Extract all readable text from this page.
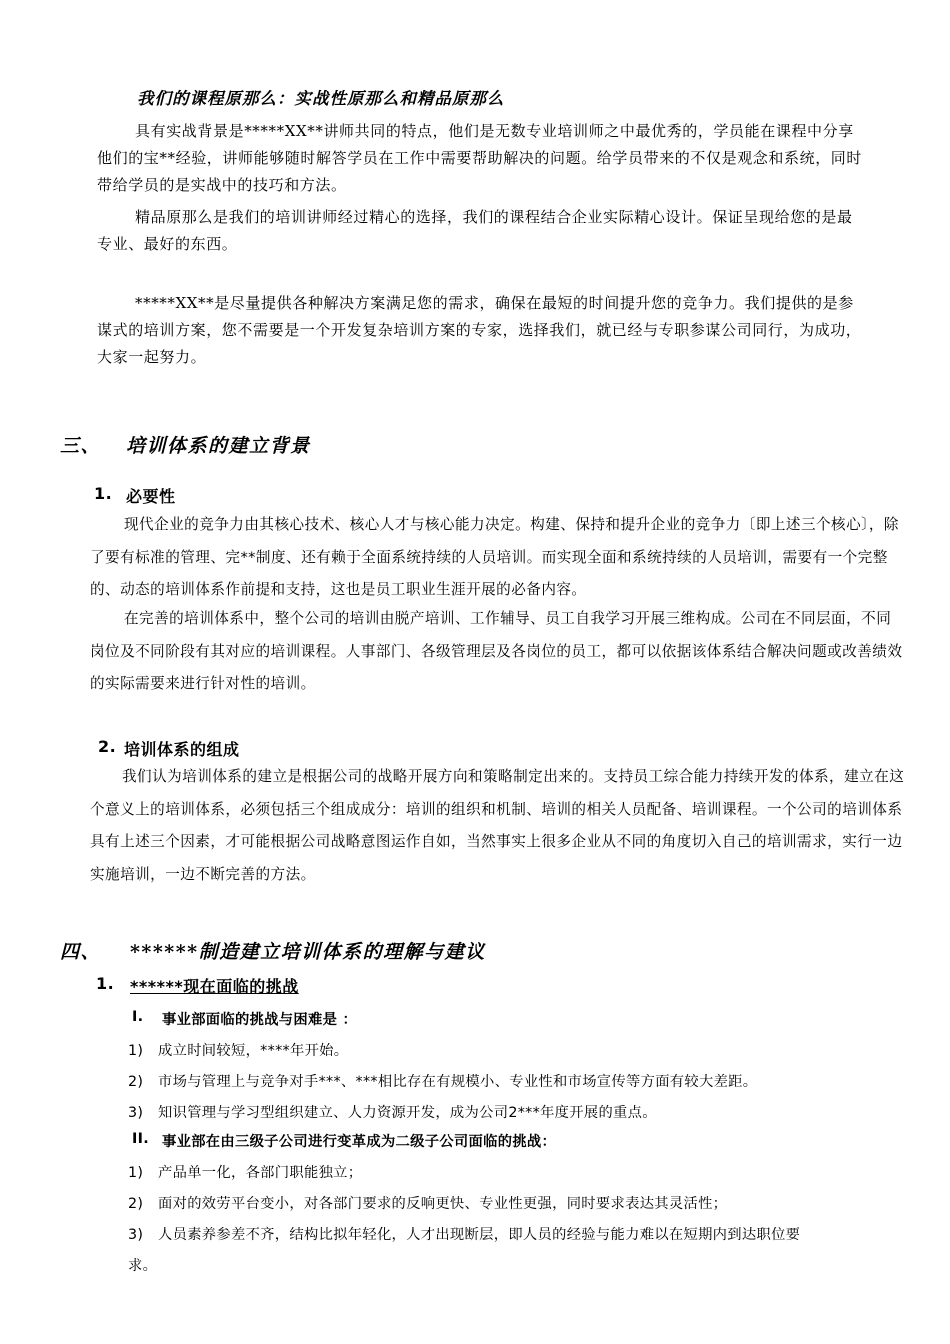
我们的课程原那么：实战性原那么和精品原那么
具有实战背景是*****XX**讲师共同的特点，他们是无数专业培训师之中最优秀的，学员能在课程中分享他们的宝**经验，讲师能够随时解答学员在工作中需要帮助解决的问题。给学员带来的不仅是观念和系统，同时带给学员的是实战中的技巧和方法。
精品原那么是我们的培训讲师经过精心的选择，我们的课程结合企业实际精心设计。保证呈现给您的是最专业、最好的东西。
*****XX**是尽量提供各种解决方案满足您的需求，确保在最短的时间提升您的竞争力。我们提供的是参谋式的培训方案，您不需要是一个开发复杂培训方案的专家，选择我们，就已经与专职参谋公司同行，为成功，大家一起努力。
三、 培训体系的建立背景
1. 必要性
现代企业的竞争力由其核心技术、核心人才与核心能力决定。构建、保持和提升企业的竞争力〔即上述三个核心〕，除了要有标准的管理、完**制度、还有赖于全面系统持续的人员培训。而实现全面和系统持续的人员培训，需要有一个完整的、动态的培训体系作前提和支持，这也是员工职业生涯开展的必备内容。
在完善的培训体系中，整个公司的培训由脱产培训、工作辅导、员工自我学习开展三维构成。公司在不同层面，不同岗位及不同阶段有其对应的培训课程。人事部门、各级管理层及各岗位的员工，都可以依据该体系结合解决问题或改善绩效的实际需要来进行针对性的培训。
2. 培训体系的组成
我们认为培训体系的建立是根据公司的战略开展方向和策略制定出来的。支持员工综合能力持续开发的体系，建立在这个意义上的培训体系，必须包括三个组成成分：培训的组织和机制、培训的相关人员配备、培训课程。一个公司的培训体系具有上述三个因素，才可能根据公司战略意图运作自如，当然事实上很多企业从不同的角度切入自己的培训需求，实行一边实施培训，一边不断完善的方法。
四、 ******制造建立培训体系的理解与建议
1. ******现在面临的挑战
I. 事业部面临的挑战与困难是 ：
1) 成立时间较短，****年开始。
2) 市场与管理上与竞争对手***、***相比存在有规模小、专业性和市场宣传等方面有较大差距。
3) 知识管理与学习型组织建立、人力资源开发，成为公司2***年度开展的重点。
II. 事业部在由三级子公司进行变革成为二级子公司面临的挑战：
1) 产品单一化，各部门职能独立；
2) 面对的效劳平台变小，对各部门要求的反响更快、专业性更强，同时要求表达其灵活性；
3) 人员素养参差不齐，结构比拟年轻化，人才出现断层，即人员的经验与能力难以在短期内到达职位要
求。
